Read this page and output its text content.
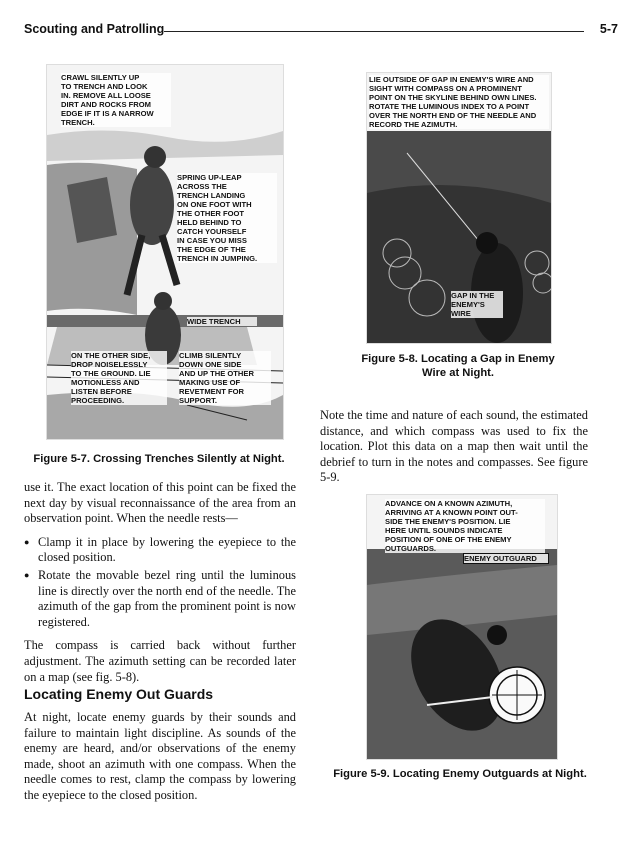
Scouting and Patrolling	5-7
CRAWL SILENTLY UP
TO TRENCH AND LOOK
IN. REMOVE ALL LOOSE
DIRT AND ROCKS FROM
EDGE IF IT IS A NARROW
TRENCH.
SPRING UP-LEAP
ACROSS THE
TRENCH LANDING
ON ONE FOOT WITH
THE OTHER FOOT
HELD BEHIND TO
CATCH YOURSELF
IN CASE YOU MISS
THE EDGE OF THE
TRENCH IN JUMPING.
WIDE TRENCH
ON THE OTHER SIDE,
DROP NOISELESSLY
TO THE GROUND. LIE
MOTIONLESS AND
LISTEN BEFORE
PROCEEDING.
CLIMB SILENTLY
DOWN ONE SIDE
AND UP THE OTHER
MAKING USE OF
REVETMENT FOR
SUPPORT.
Figure 5-7. Crossing Trenches Silently at Night.
LIE OUTSIDE OF GAP IN ENEMY'S WIRE AND
SIGHT WITH COMPASS ON A PROMINENT
POINT ON THE SKYLINE BEHIND OWN LINES.
ROTATE THE LUMINOUS INDEX TO A POINT
OVER THE NORTH END OF THE NEEDLE AND
RECORD THE AZIMUTH.
GAP IN THE
ENEMY'S
WIRE
Figure 5-8. Locating a Gap in Enemy Wire at Night.
Note the time and nature of each sound, the estimated distance, and which compass was used to fix the location. Plot this data on a map then wait until the debrief to turn in the notes and compasses. See figure 5-9.
ADVANCE ON A KNOWN AZIMUTH,
ARRIVING AT A KNOWN POINT OUT-
SIDE THE ENEMY'S POSITION. LIE
HERE UNTIL SOUNDS INDICATE
POSITION OF ONE OF THE ENEMY
OUTGUARDS.
ENEMY OUTGUARD
Figure 5-9. Locating Enemy Outguards at Night.

use it. The exact location of this point can be fixed the next day by visual reconnaissance of the area from an observation point. When the needle rests—

● Clamp it in place by lowering the eyepiece to the closed position.
● Rotate the movable bezel ring until the luminous line is directly over the north end of the needle. The azimuth of the gap from the prominent point is now registered.

The compass is carried back without further adjustment. The azimuth setting can be recorded later on a map (see fig. 5-8).

Locating Enemy Out Guards
At night, locate enemy guards by their sounds and failure to maintain light discipline. As sounds of the enemy are heard, and/or observations of the enemy made, shoot an azimuth with one compass. When the needle comes to rest, clamp the compass by lowering the eyepiece to the closed position.
